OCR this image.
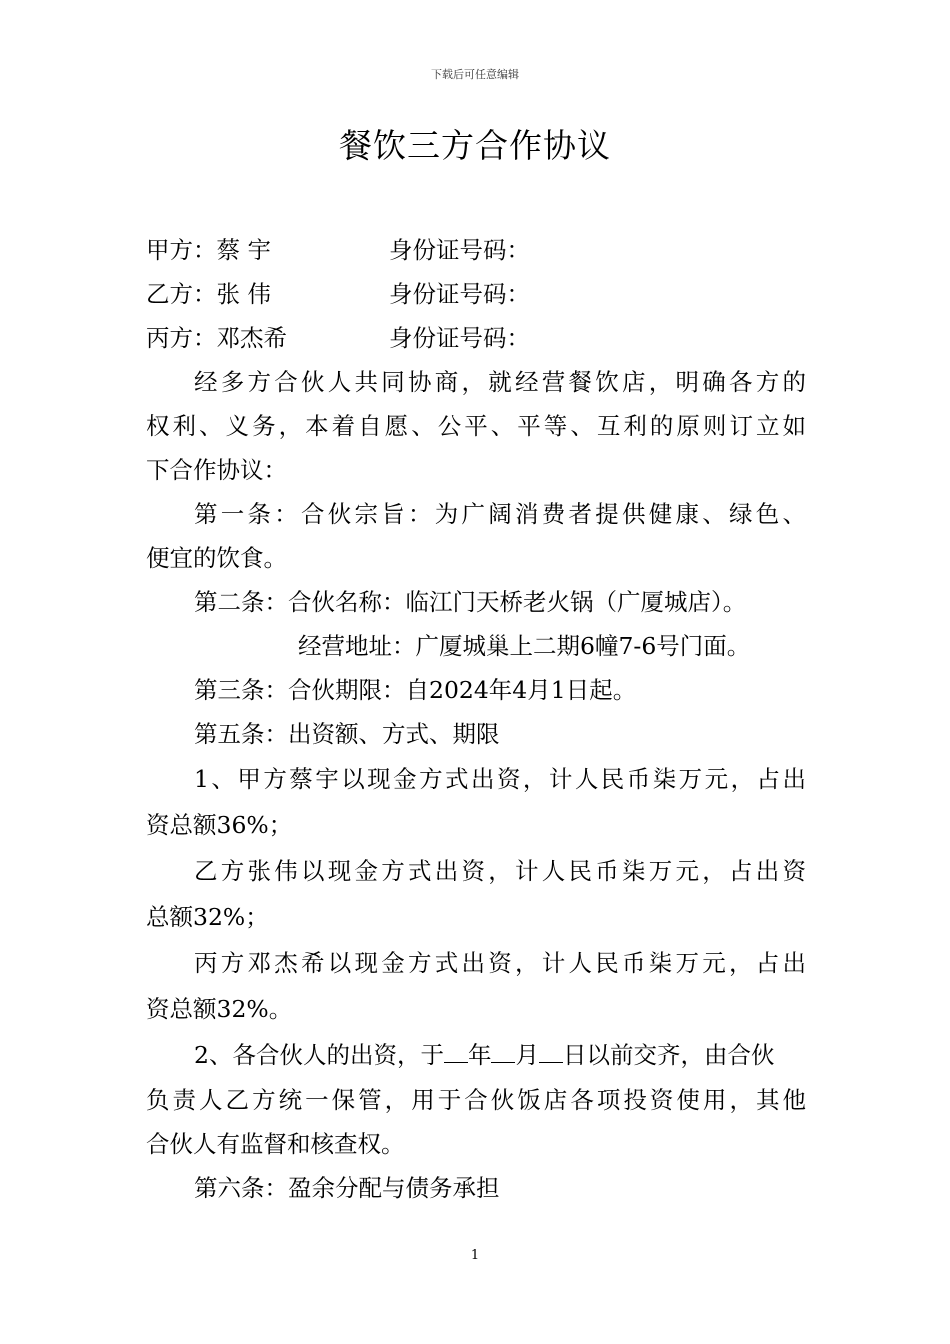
下载后可任意编辑
餐饮三方合作协议
甲方：蔡 宇	身份证号码：
乙方：张 伟	身份证号码：
丙方：邓杰希	身份证号码：
经多方合伙人共同协商，就经营餐饮店，明确各方的
权利、义务，本着自愿、公平、平等、互利的原则订立如
下合作协议：
第一条：合伙宗旨：为广阔消费者提供健康、绿色、
便宜的饮食。
第二条：合伙名称：临江门天桥老火锅（广厦城店）。
经营地址：广厦城巢上二期6幢7-6号门面。
第三条：合伙期限：自2024年4月1日起。
第五条：出资额、方式、期限
1、甲方蔡宇以现金方式出资，计人民币柒万元，占出
资总额36%；
乙方张伟以现金方式出资，计人民币柒万元，占出资
总额32%；
丙方邓杰希以现金方式出资，计人民币柒万元，占出
资总额32%。
2、各合伙人的出资，于 年 月 日以前交齐，由合伙
负责人乙方统一保管，用于合伙饭店各项投资使用，其他
合伙人有监督和核查权。
第六条：盈余分配与债务承担
1
